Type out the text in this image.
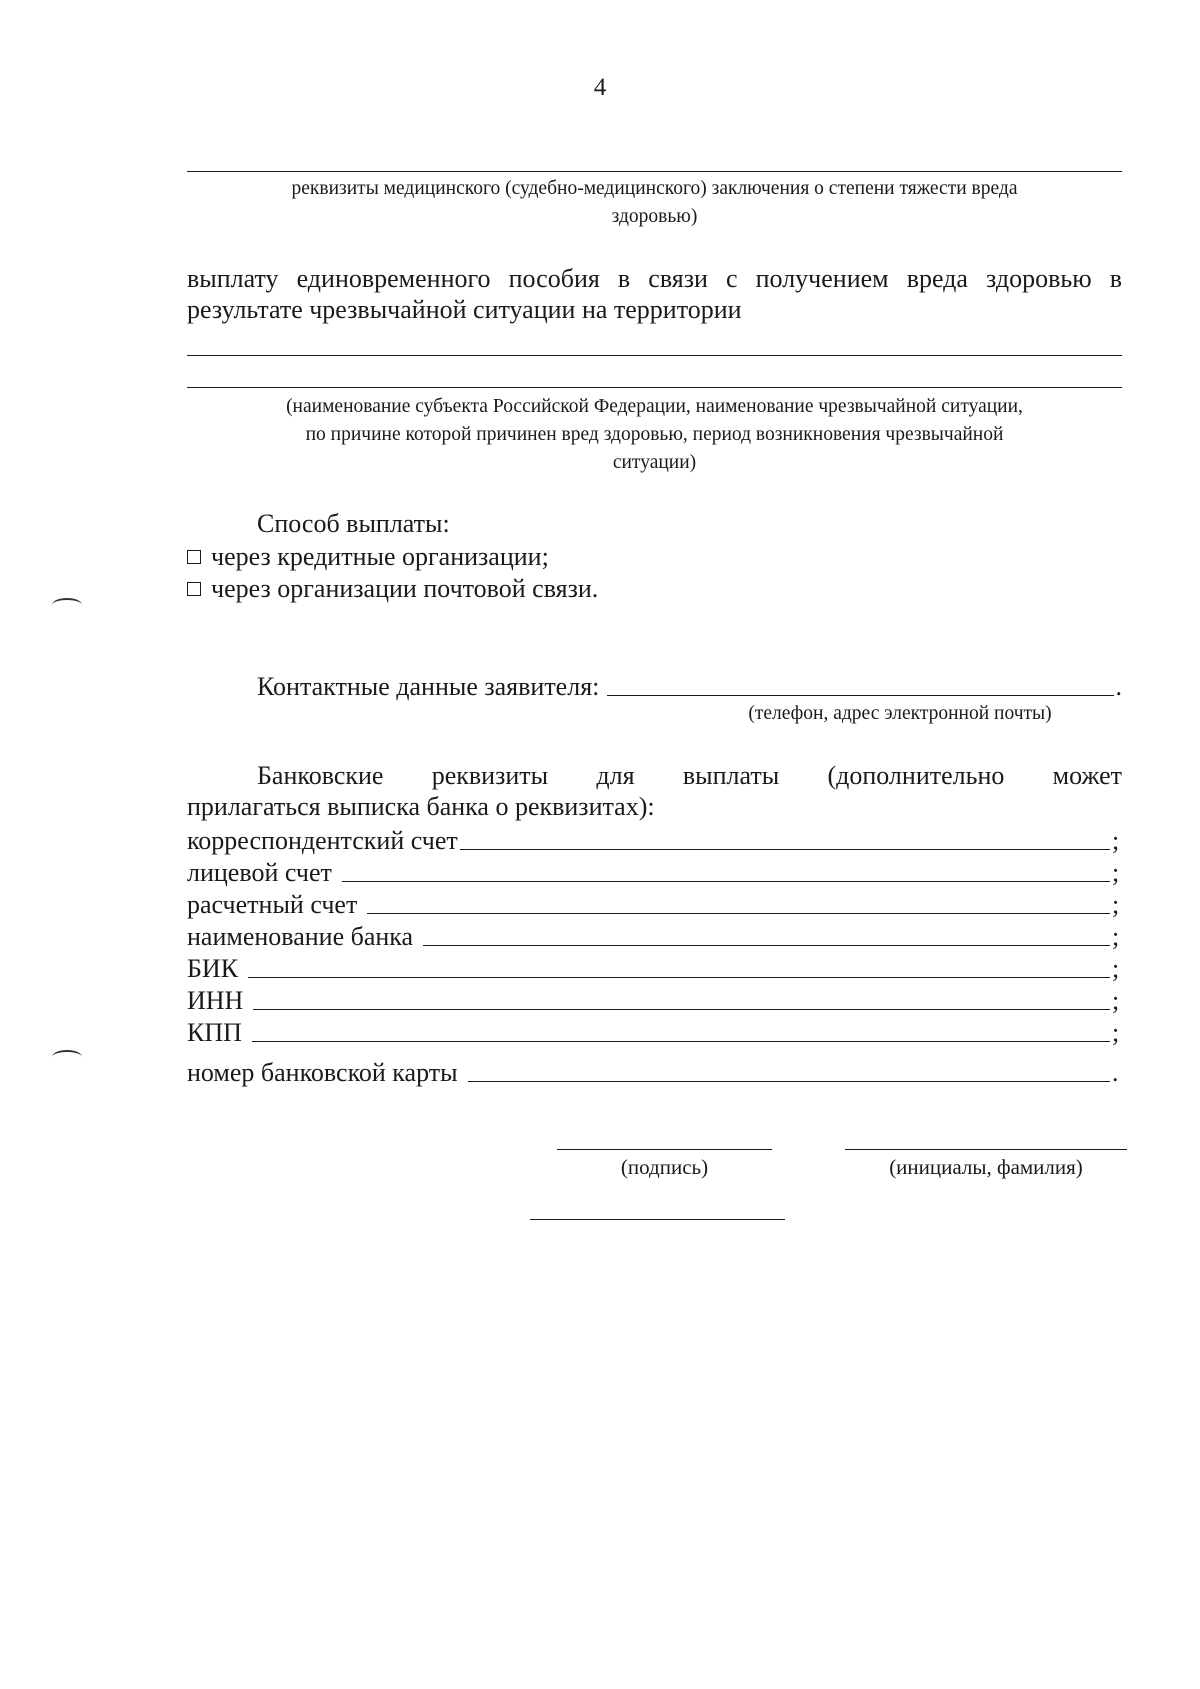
4
реквизиты медицинского (судебно-медицинского) заключения о степени тяжести вреда
здоровью)
выплату единовременного пособия в связи с получением вреда здоровью в
результате чрезвычайной ситуации на территории
(наименование субъекта Российской Федерации, наименование чрезвычайной ситуации,
по причине которой причинен вред здоровью, период возникновения чрезвычайной
ситуации)
Способ выплаты:
через кредитные организации;
через организации почтовой связи.
Контактные данные заявителя:	.
(телефон, адрес электронной почты)
Банковские реквизиты для выплаты (дополнительно может
прилагаться выписка банка о реквизитах):
корреспондентский счет	;
лицевой счет	;
расчетный счет	;
наименование банка	;
БИК	;
ИНН	;
КПП	;
номер банковской карты	.
(подпись)	(инициалы, фамилия)
